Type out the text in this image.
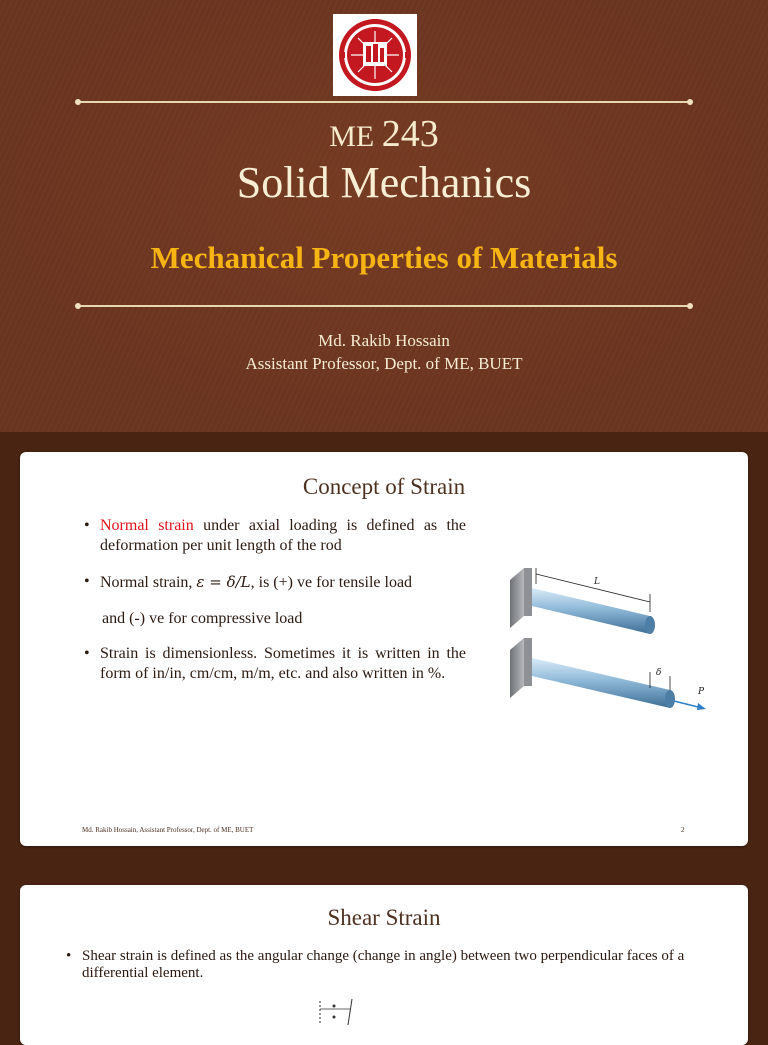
ME 243
Solid Mechanics
Mechanical Properties of Materials
Md. Rakib Hossain
Assistant Professor, Dept. of ME, BUET
Concept of Strain
• Normal strain under axial loading is defined as the deformation per unit length of the rod
• Normal strain, ε = δ/L, is (+) ve for tensile load
and (-) ve for compressive load
• Strain is dimensionless. Sometimes it is written in the form of in/in, cm/cm, m/m, etc. and also written in %.
L
δ
P
Md. Rakib Hossain, Assistant Professor, Dept. of ME, BUET	2
Shear Strain
• Shear strain is defined as the angular change (change in angle) between two perpendicular faces of a differential element.
